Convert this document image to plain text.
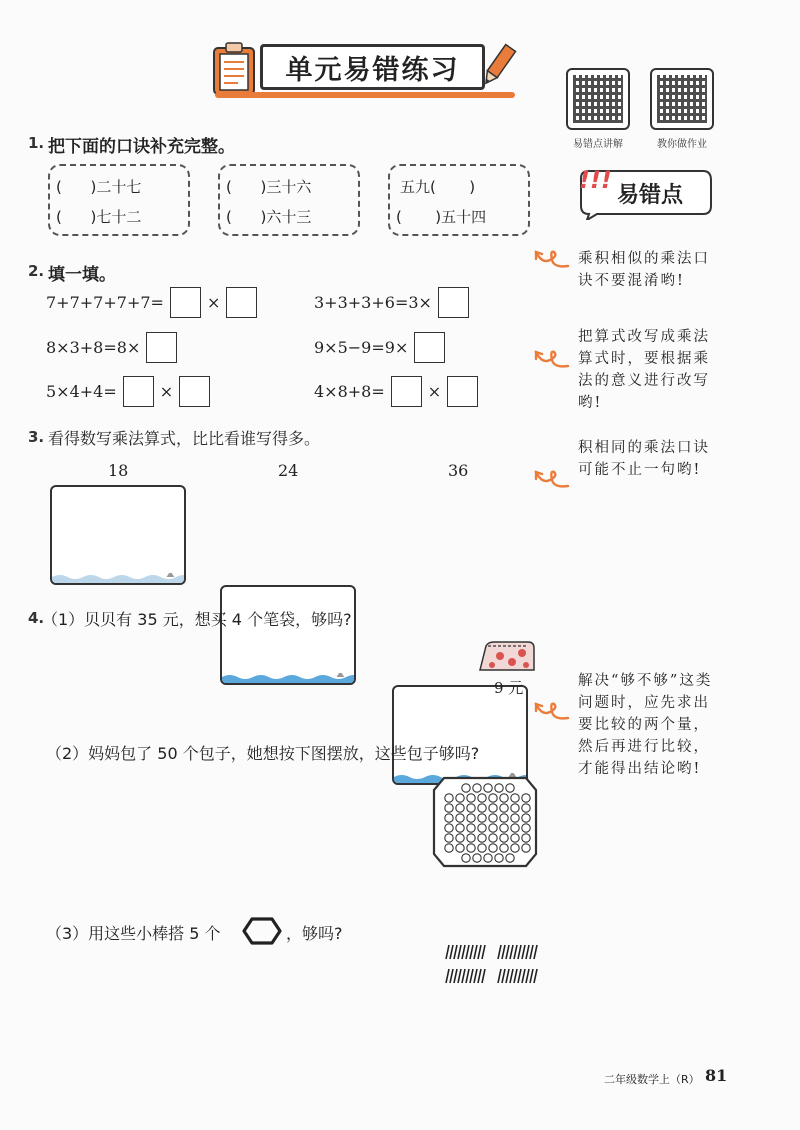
单元易错练习
易错点讲解	教你做作业
!!!
易错点
1. 把下面的口诀补充完整。
(      )二十七
(      )七十二
(      )三十六
(      )六十三
五九(       )
(       )五十四
2. 填一填。
7+7+7+7+7=	×	3+3+3+6=3×
8×3+8=8×	9×5−9=9×
5×4+4=	×	4×8+8=	×
3. 看得数写乘法算式，比比看谁写得多。
18	24	36
4.
（1）贝贝有 35 元，想买 4 个笔袋，够吗?
9 元
（2）妈妈包了 50 个包子，她想按下图摆放，这些包子够吗?
（3）用这些小棒搭 5 个	，够吗?
乘积相似的乘法口诀不要混淆哟!
把算式改写成乘法算式时，要根据乘法的意义进行改写哟!
积相同的乘法口诀可能不止一句哟!
解决“够不够”这类问题时，应先求出要比较的两个量，然后再进行比较，才能得出结论哟!
二年级数学上（R） 81
